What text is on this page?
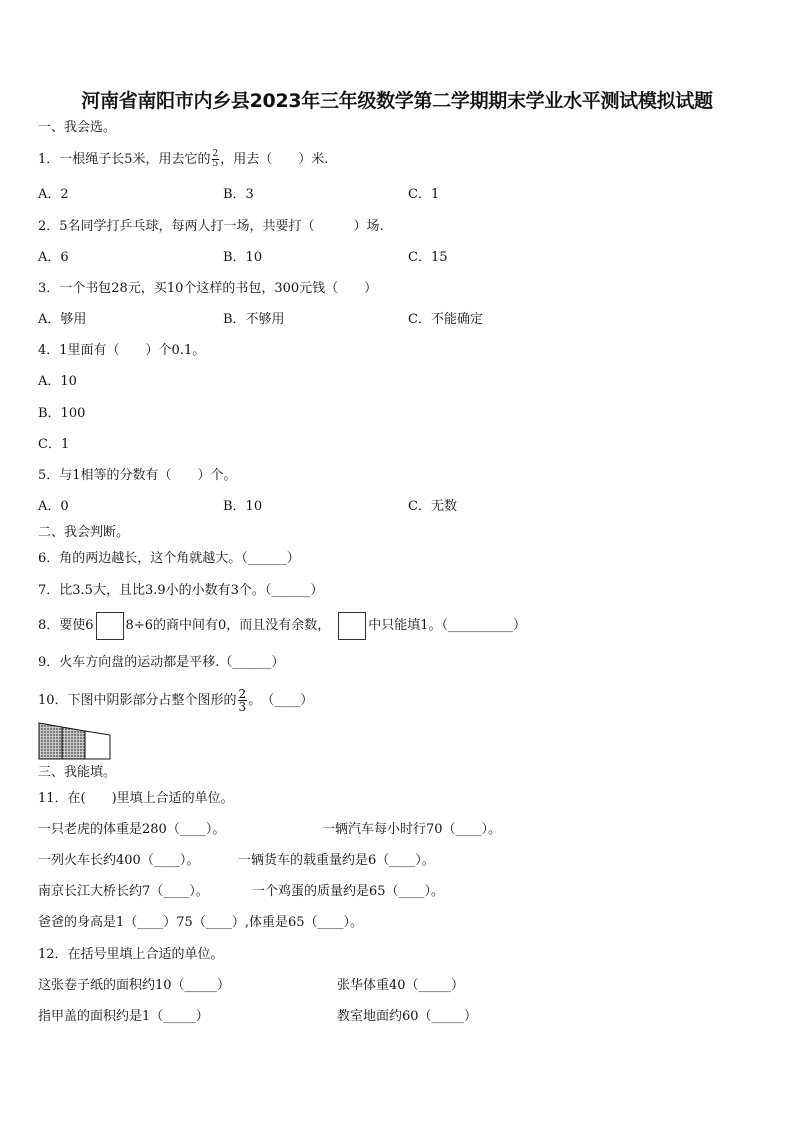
河南省南阳市内乡县2023年三年级数学第二学期期末学业水平测试模拟试题
一、我会选。
1．一根绳子长5米，用去它的 $\frac{2}{5}$ ，用去（　　）米.
A．2	B．3	C．1
2．5名同学打乒乓球，每两人打一场，共要打（　　　）场.
A．6	B．10	C．15
3．一个书包28元，买10个这样的书包，300元钱（　　）
A．够用	B．不够用	C．不能确定
4．1里面有（　　）个0.1。
A．10
B．100
C．1
5．与1相等的分数有（　　）个。
A．0	B．10	C．无数
二、我会判断。
6．角的两边越长，这个角就越大。（______）
7．比3.5大，且比3.9小的小数有3个。（______）
8．要使6 8÷6的商中间有0，而且没有余数，	中只能填1。（__________）
9．火车方向盘的运动都是平移.（______）
10．下图中阴影部分占整个图形的 $\frac{2}{3}$ 。　（____）
三、我能填。
11．在(　　)里填上合适的单位。
一只老虎的体重是280（____）。	一辆汽车每小时行70（____）。
一列火车长约400（____）。	一辆货车的载重量约是6（____）。
南京长江大桥长约7（____）。	一个鸡蛋的质量约是65（____）。
爸爸的身高是1（____）75（____）,体重是65（____）。
12．在括号里填上合适的单位。
这张卷子纸的面积约10（_____）	张华体重40（_____）
指甲盖的面积约是1（_____）	教室地面约60（_____）
